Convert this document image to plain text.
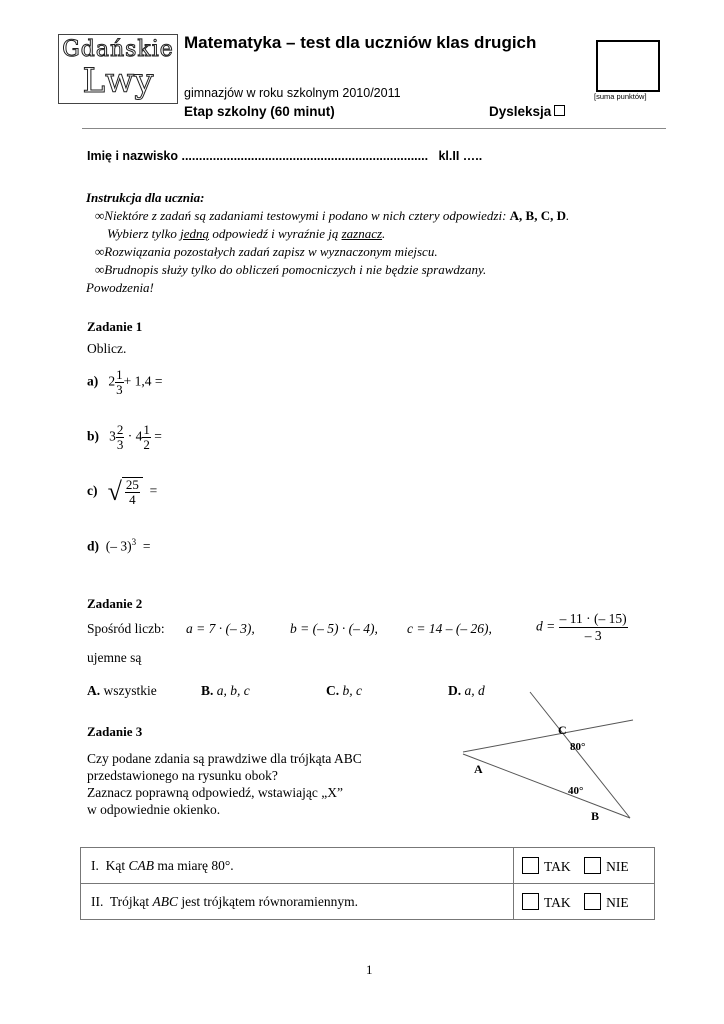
Gdańskie
Lwy
Matematyka – test dla uczniów klas drugich
gimnazjów w roku szkolnym 2010/2011
Etap szkolny (60 minut)	Dysleksja
[suma punktów]
Imię i nazwisko ....................................................................... kl.II …..
Instrukcja dla ucznia:
∞Niektóre z zadań są zadaniami testowymi i podano w nich cztery odpowiedzi: A, B, C, D.
Wybierz tylko jedną odpowiedź i wyraźnie ją zaznacz.
∞Rozwiązania pozostałych zadań zapisz w wyznaczonym miejscu.
∞Brudnopis służy tylko do obliczeń pomocniczych i nie będzie sprawdzany.
Powodzenia!
Zadanie 1
Oblicz.
a) $2 \frac{1}{3} + 1,4$ =
b) $3 \frac{2}{3} \cdot 4 \frac{1}{2}$ =
c) √ $\frac{25}{4}$ =
d) (– 3)$^3$ =
Zadanie 2
Spośród liczb: a = 7 · (– 3),	b = (– 5) · (– 4), c = 14 – (– 26),	$d = \frac{- 11 \cdot (- 15)}{- 3}$
ujemne są
A. wszystkie	B. a, b, c	C. b, c	D. a, d
Zadanie 3
Czy podane zdania są prawdziwe dla trójkąta ABC
przedstawionego na rysunku obok?
Zaznacz poprawną odpowiedź, wstawiając „X”
w odpowiednie okienko.
C
80°
A
40°
B
I. Kąt CAB ma miarę 80°.	TAK NIE
II. Trójkąt ABC jest trójkątem równoramiennym.	TAK NIE
1
